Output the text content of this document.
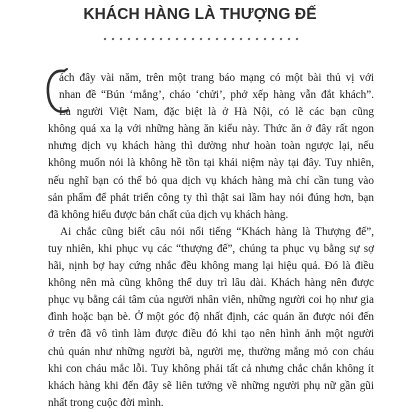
KHÁCH HÀNG LÀ THƯỢNG ĐẾ
ách đây vài năm, trên một trang báo mạng có một bài thủ vị với
nhan đề “Bún ‘mắng’, cháo ‘chửi’, phở xếp hàng vẫn đắt khách”.
Là người Việt Nam, đặc biệt là ở Hà Nội, có lẽ các bạn cũng
không quá xa lạ với những hàng ăn kiểu này. Thức ăn ở đây rất ngon
nhưng dịch vụ khách hàng thì dường như hoàn toàn ngược lại, nếu
không muốn nói là không hề tồn tại khái niệm này tại đây. Tuy nhiên,
nếu nghĩ bạn có thể bỏ qua dịch vụ khách hàng mà chỉ cần tung vào
sản phẩm để phát triển công ty thì thật sai lầm hay nói đúng hơn, bạn
đã không hiểu được bản chất của dịch vụ khách hàng.
Ai chắc cũng biết câu nói nổi tiếng “Khách hàng là Thượng đế”,
tuy nhiên, khi phục vụ các “thượng đế”, chúng ta phục vụ bằng sự sợ
hãi, nịnh bợ hay cứng nhắc đều không mang lại hiệu quả. Đó là điều
không nên mà cũng không thể duy trì lâu dài. Khách hàng nên được
phục vụ bằng cái tâm của người nhân viên, những người coi họ như gia
đình hoặc bạn bè. Ở một góc độ nhất định, các quán ăn được nói đến
ở trên đã vô tình làm được điều đó khi tạo nên hình ảnh một người
chủ quán như những người bà, người mẹ, thường mắng mỏ con cháu
khi con cháu mắc lỗi. Tuy không phải tất cả nhưng chắc chắn không ít
khách hàng khi đến đây sẽ liên tưởng về những người phụ nữ gần gũi
nhất trong cuộc đời mình.
